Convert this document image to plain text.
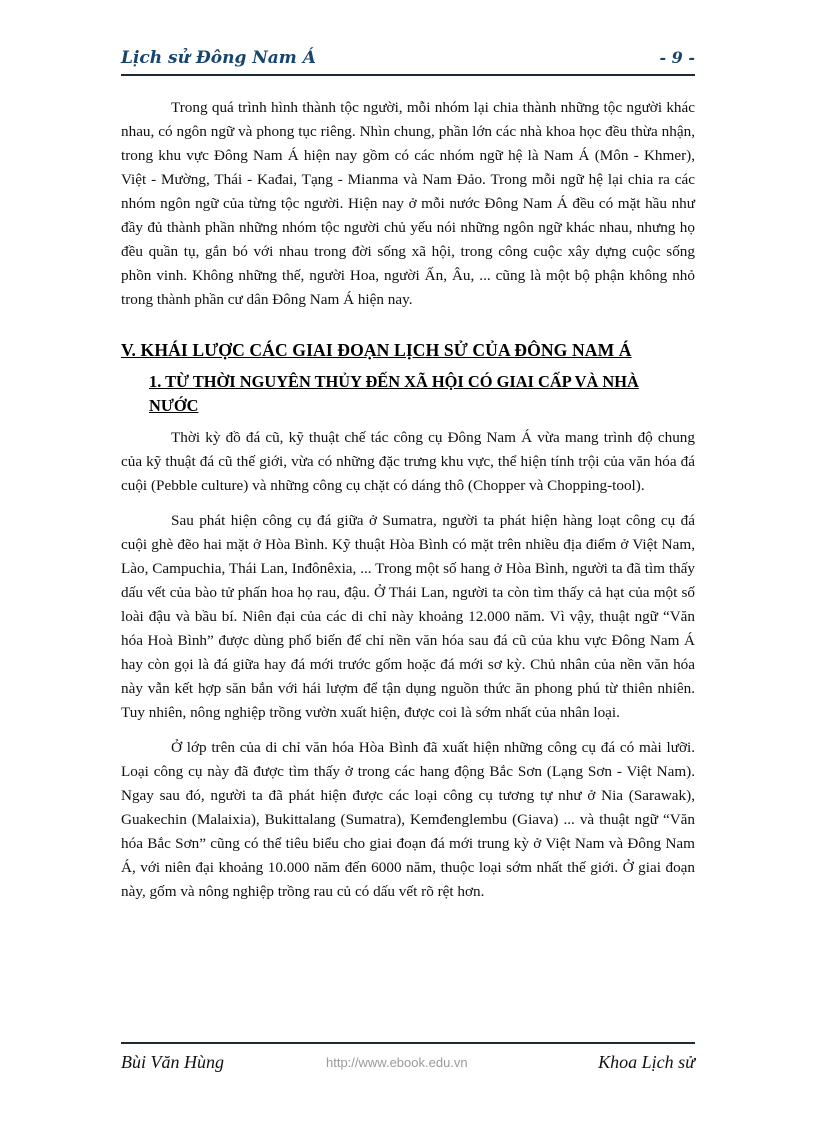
Lịch sử Đông Nam Á	- 9 -

Trong quá trình hình thành tộc người, mỗi nhóm lại chia thành những tộc người khác nhau, có ngôn ngữ và phong tục riêng. Nhìn chung, phần lớn các nhà khoa học đều thừa nhận, trong khu vực Đông Nam Á hiện nay gồm có các nhóm ngữ hệ là Nam Á (Môn - Khmer), Việt - Mường, Thái - Kađai, Tạng - Mianma và Nam Đảo. Trong mỗi ngữ hệ lại chia ra các nhóm ngôn ngữ của từng tộc người. Hiện nay ở mỗi nước Đông Nam Á đều có mặt hầu như đầy đủ thành phần những nhóm tộc người chủ yếu nói những ngôn ngữ khác nhau, nhưng họ đều quần tụ, gắn bó với nhau trong đời sống xã hội, trong công cuộc xây dựng cuộc sống phồn vinh. Không những thế, người Hoa, người Ấn, Âu, ... cũng là một bộ phận không nhỏ trong thành phần cư dân Đông Nam Á hiện nay.

V. KHÁI LƯỢC CÁC GIAI ĐOẠN LỊCH SỬ CỦA ĐÔNG NAM Á
1. TỪ THỜI NGUYÊN THỦY ĐẾN XÃ HỘI CÓ GIAI CẤP VÀ NHÀ NƯỚC

Thời kỳ đồ đá cũ, kỹ thuật chế tác công cụ Đông Nam Á vừa mang trình độ chung của kỹ thuật đá cũ thế giới, vừa có những đặc trưng khu vực, thể hiện tính trội của văn hóa đá cuội (Pebble culture) và những công cụ chặt có dáng thô (Chopper và Chopping-tool).

Sau phát hiện công cụ đá giữa ở Sumatra, người ta phát hiện hàng loạt công cụ đá cuội ghè đẽo hai mặt ở Hòa Bình. Kỹ thuật Hòa Bình có mặt trên nhiều địa điểm ở Việt Nam, Lào, Campuchia, Thái Lan, Inđônêxia, ... Trong một số hang ở Hòa Bình, người ta đã tìm thấy dấu vết của bào tử phấn hoa họ rau, đậu. Ở Thái Lan, người ta còn tìm thấy cả hạt của một số loài đậu và bầu bí. Niên đại của các di chỉ này khoảng 12.000 năm. Vì vậy, thuật ngữ “Văn hóa Hoà Bình” được dùng phổ biến để chỉ nền văn hóa sau đá cũ của khu vực Đông Nam Á hay còn gọi là đá giữa hay đá mới trước gốm hoặc đá mới sơ kỳ. Chủ nhân của nền văn hóa này vẫn kết hợp săn bắn với hái lượm để tận dụng nguồn thức ăn phong phú từ thiên nhiên. Tuy nhiên, nông nghiệp trồng vườn xuất hiện, được coi là sớm nhất của nhân loại.

Ở lớp trên của di chỉ văn hóa Hòa Bình đã xuất hiện những công cụ đá có mài lưỡi. Loại công cụ này đã được tìm thấy ở trong các hang động Bắc Sơn (Lạng Sơn - Việt Nam). Ngay sau đó, người ta đã phát hiện được các loại công cụ tương tự như ở Nia (Sarawak), Guakechin (Malaixia), Bukittalang (Sumatra), Kemđenglembu (Giava) ... và thuật ngữ “Văn hóa Bắc Sơn” cũng có thể tiêu biểu cho giai đoạn đá mới trung kỳ ở Việt Nam và Đông Nam Á, với niên đại khoảng 10.000 năm đến 6000 năm, thuộc loại sớm nhất thế giới. Ở giai đoạn này, gốm và nông nghiệp trồng rau củ có dấu vết rõ rệt hơn.

Bùi Văn Hùng	http://www.ebook.edu.vn	Khoa Lịch sử
